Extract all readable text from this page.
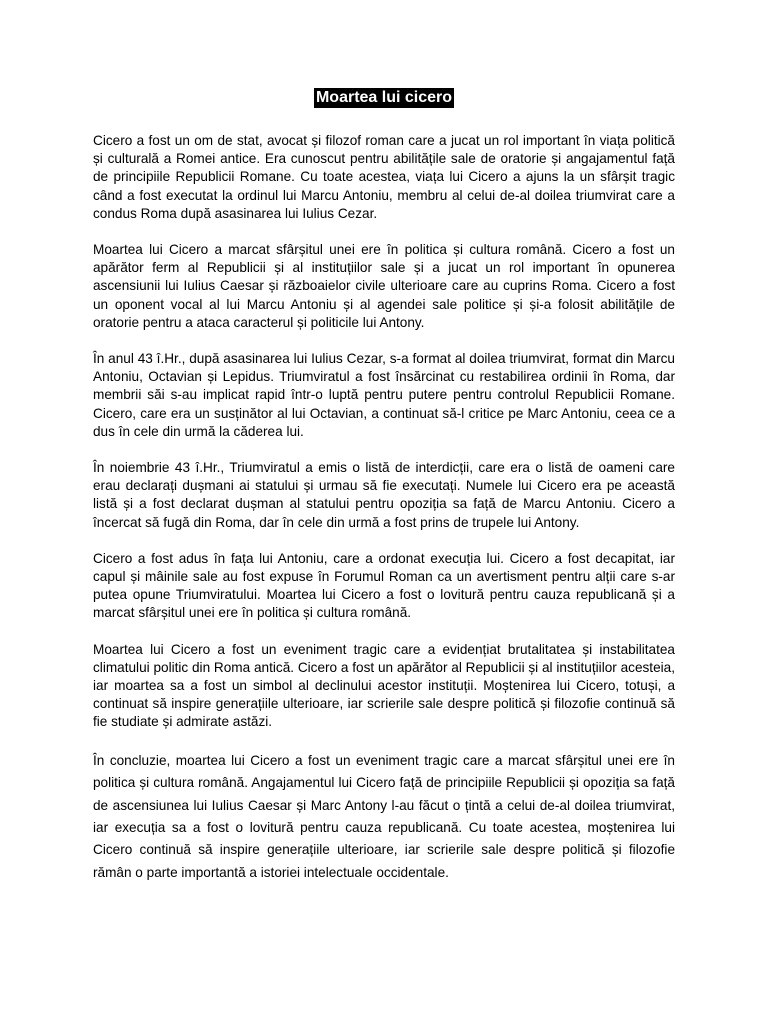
Moartea lui cicero

Cicero a fost un om de stat, avocat și filozof roman care a jucat un rol important în viața politică și culturală a Romei antice. Era cunoscut pentru abilitățile sale de oratorie și angajamentul față de principiile Republicii Romane. Cu toate acestea, viața lui Cicero a ajuns la un sfârșit tragic când a fost executat la ordinul lui Marcu Antoniu, membru al celui de-al doilea triumvirat care a condus Roma după asasinarea lui Iulius Cezar.

Moartea lui Cicero a marcat sfârșitul unei ere în politica și cultura română. Cicero a fost un apărător ferm al Republicii și al instituțiilor sale și a jucat un rol important în opunerea ascensiunii lui Iulius Caesar și războaielor civile ulterioare care au cuprins Roma. Cicero a fost un oponent vocal al lui Marcu Antoniu și al agendei sale politice și și-a folosit abilitățile de oratorie pentru a ataca caracterul și politicile lui Antony.

În anul 43 î.Hr., după asasinarea lui Iulius Cezar, s-a format al doilea triumvirat, format din Marcu Antoniu, Octavian și Lepidus. Triumviratul a fost însărcinat cu restabilirea ordinii în Roma, dar membrii săi s-au implicat rapid într-o luptă pentru putere pentru controlul Republicii Romane. Cicero, care era un susținător al lui Octavian, a continuat să-l critice pe Marc Antoniu, ceea ce a dus în cele din urmă la căderea lui.

În noiembrie 43 î.Hr., Triumviratul a emis o listă de interdicții, care era o listă de oameni care erau declarați dușmani ai statului și urmau să fie executați. Numele lui Cicero era pe această listă și a fost declarat dușman al statului pentru opoziția sa față de Marcu Antoniu. Cicero a încercat să fugă din Roma, dar în cele din urmă a fost prins de trupele lui Antony.

Cicero a fost adus în fața lui Antoniu, care a ordonat execuția lui. Cicero a fost decapitat, iar capul și mâinile sale au fost expuse în Forumul Roman ca un avertisment pentru alții care s-ar putea opune Triumviratului. Moartea lui Cicero a fost o lovitură pentru cauza republicană și a marcat sfârșitul unei ere în politica și cultura română.

Moartea lui Cicero a fost un eveniment tragic care a evidențiat brutalitatea și instabilitatea climatului politic din Roma antică. Cicero a fost un apărător al Republicii și al instituțiilor acesteia, iar moartea sa a fost un simbol al declinului acestor instituții. Moștenirea lui Cicero, totuși, a continuat să inspire generațiile ulterioare, iar scrierile sale despre politică și filozofie continuă să fie studiate și admirate astăzi.

În concluzie, moartea lui Cicero a fost un eveniment tragic care a marcat sfârșitul unei ere în politica și cultura română. Angajamentul lui Cicero față de principiile Republicii și opoziția sa față de ascensiunea lui Iulius Caesar și Marc Antony l-au făcut o țintă a celui de-al doilea triumvirat, iar execuția sa a fost o lovitură pentru cauza republicană. Cu toate acestea, moștenirea lui Cicero continuă să inspire generațiile ulterioare, iar scrierile sale despre politică și filozofie rămân o parte importantă a istoriei intelectuale occidentale.
